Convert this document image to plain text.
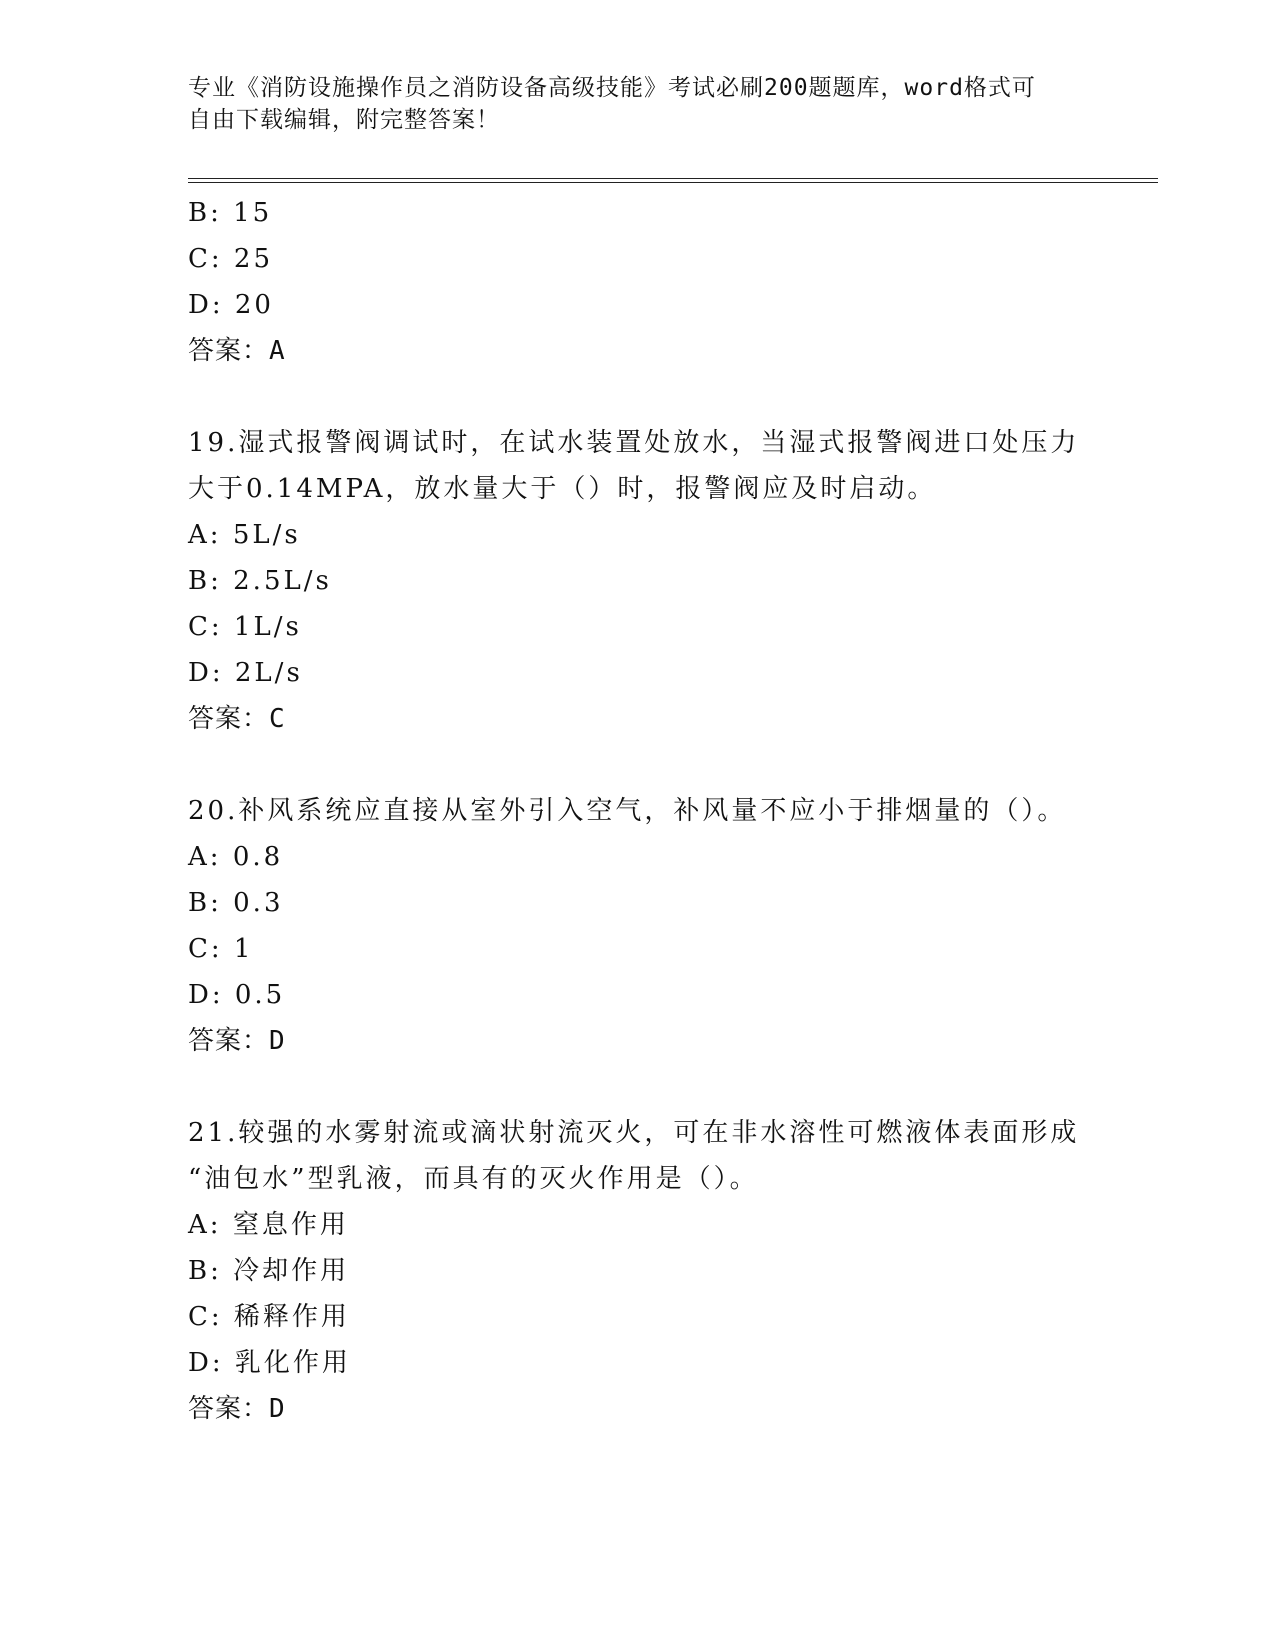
专业《消防设施操作员之消防设备高级技能》考试必刷200题题库，word格式可
自由下载编辑，附完整答案！
B: 15
C: 25
D: 20
答案：A
19.湿式报警阀调试时，在试水装置处放水，当湿式报警阀进口处压力
大于0.14MPA，放水量大于（）时，报警阀应及时启动。
A: 5L/s
B: 2.5L/s
C: 1L/s
D: 2L/s
答案：C
20.补风系统应直接从室外引入空气，补风量不应小于排烟量的（）。
A: 0.8
B: 0.3
C: 1
D: 0.5
答案：D
21.较强的水雾射流或滴状射流灭火，可在非水溶性可燃液体表面形成
“油包水”型乳液，而具有的灭火作用是（）。
A: 窒息作用
B: 冷却作用
C: 稀释作用
D: 乳化作用
答案：D
